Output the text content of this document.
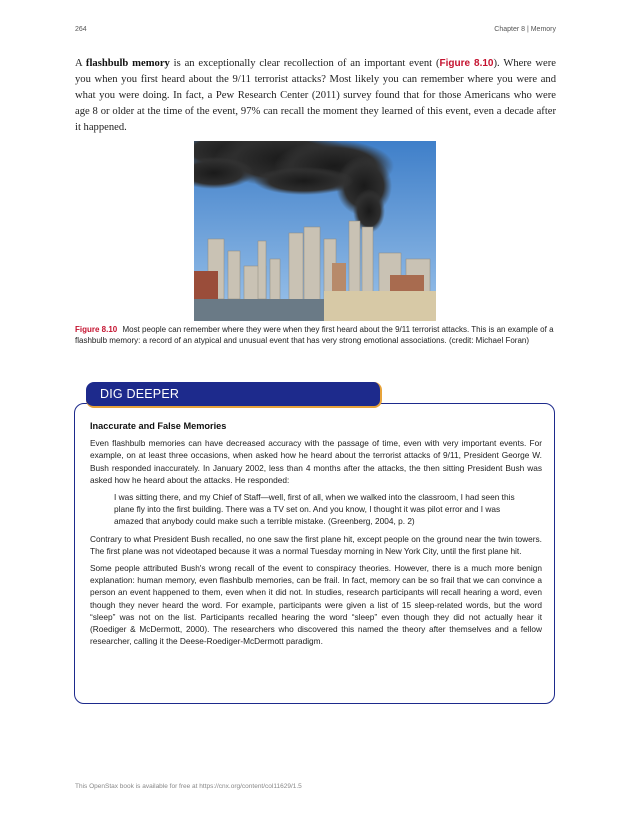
264	Chapter 8 | Memory

A flashbulb memory is an exceptionally clear recollection of an important event (Figure 8.10). Where were you when you first heard about the 9/11 terrorist attacks? Most likely you can remember where you were and what you were doing. In fact, a Pew Research Center (2011) survey found that for those Americans who were age 8 or older at the time of the event, 97% can recall the moment they learned of this event, even a decade after it happened.

Figure 8.10 Most people can remember where they were when they first heard about the 9/11 terrorist attacks. This is an example of a flashbulb memory: a record of an atypical and unusual event that has very strong emotional associations. (credit: Michael Foran)

DIG DEEPER

Inaccurate and False Memories

Even flashbulb memories can have decreased accuracy with the passage of time, even with very important events. For example, on at least three occasions, when asked how he heard about the terrorist attacks of 9/11, President George W. Bush responded inaccurately. In January 2002, less than 4 months after the attacks, the then sitting President Bush was asked how he heard about the attacks. He responded:

I was sitting there, and my Chief of Staff—well, first of all, when we walked into the classroom, I had seen this plane fly into the first building. There was a TV set on. And you know, I thought it was pilot error and I was amazed that anybody could make such a terrible mistake. (Greenberg, 2004, p. 2)

Contrary to what President Bush recalled, no one saw the first plane hit, except people on the ground near the twin towers. The first plane was not videotaped because it was a normal Tuesday morning in New York City, until the first plane hit.

Some people attributed Bush's wrong recall of the event to conspiracy theories. However, there is a much more benign explanation: human memory, even flashbulb memories, can be frail. In fact, memory can be so frail that we can convince a person an event happened to them, even when it did not. In studies, research participants will recall hearing a word, even though they never heard the word. For example, participants were given a list of 15 sleep-related words, but the word “sleep” was not on the list. Participants recalled hearing the word “sleep” even though they did not actually hear it (Roediger & McDermott, 2000). The researchers who discovered this named the theory after themselves and a fellow researcher, calling it the Deese-Roediger-McDermott paradigm.

This OpenStax book is available for free at https://cnx.org/content/col11629/1.5
